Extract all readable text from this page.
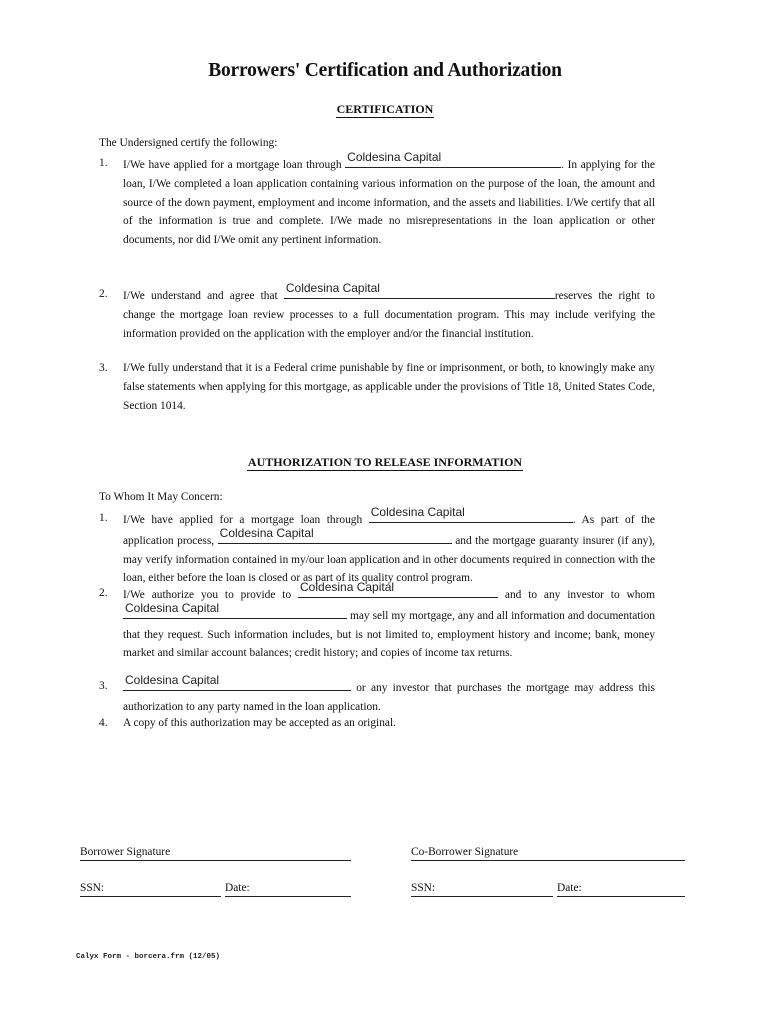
Borrowers' Certification and Authorization
CERTIFICATION
The Undersigned certify the following:
1. I/We have applied for a mortgage loan through
Coldesina Capital
. In applying for the loan, I/We completed a loan application containing various information on the purpose of the loan, the amount and source of the down payment, employment and income information, and the assets and liabilities. I/We certify that all of the information is true and complete. I/We made no misrepresentations in the loan application or other documents, nor did I/We omit any pertinent information.
2. I/We understand and agree that
Coldesina Capital
reserves the right to change the mortgage loan review processes to a full documentation program. This may include verifying the information provided on the application with the employer and/or the financial institution.
3. I/We fully understand that it is a Federal crime punishable by fine or imprisonment, or both, to knowingly make any false statements when applying for this mortgage, as applicable under the provisions of Title 18, United States Code, Section 1014.
AUTHORIZATION TO RELEASE INFORMATION
To Whom It May Concern:
1. I/We have applied for a mortgage loan through
Coldesina Capital
. As part of the application process,
Coldesina Capital
and the mortgage guaranty insurer (if any), may verify information contained in my/our loan application and in other documents required in connection with the loan, either before the loan is closed or as part of its quality control program.
2. I/We authorize you to provide to
Coldesina Capital
and to any investor to whom
Coldesina Capital
may sell my mortgage, any and all information and documentation that they request. Such information includes, but is not limited to, employment history and income; bank, money market and similar account balances; credit history; and copies of income tax returns.
3. Coldesina Capital
or any investor that purchases the mortgage may address this authorization to any party named in the loan application.
4. A copy of this authorization may be accepted as an original.
Borrower Signature	Co-Borrower Signature
SSN:	Date:	SSN:	Date:
Calyx Form - borcera.frm (12/05)
